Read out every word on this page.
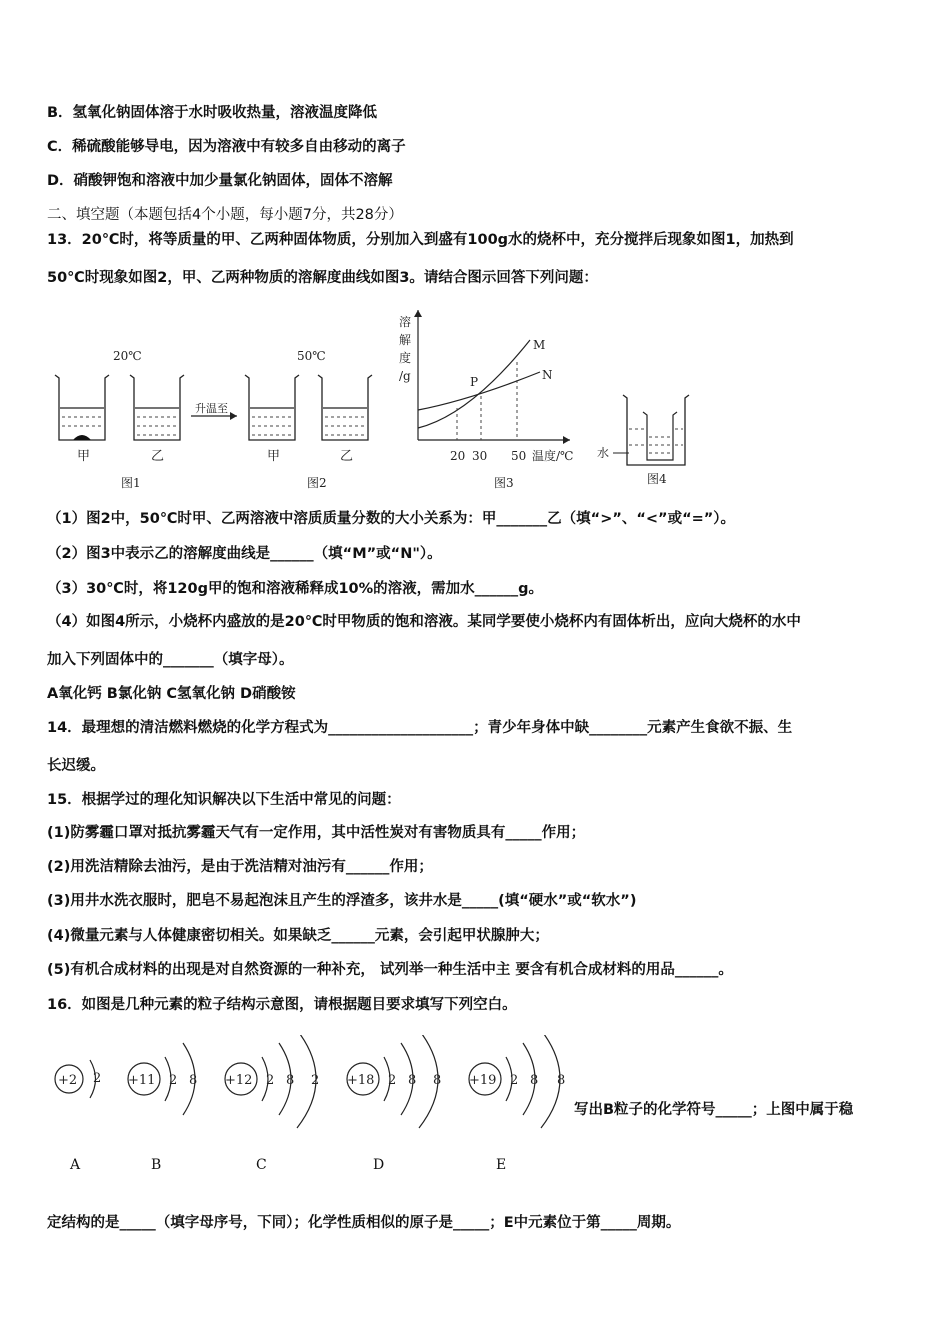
B．氢氧化钠固体溶于水时吸收热量，溶液温度降低
C．稀硫酸能够导电，因为溶液中有较多自由移动的离子
D．硝酸钾饱和溶液中加少量氯化钠固体，固体不溶解
二、填空题（本题包括4个小题，每小题7分，共28分）
13．20℃时，将等质量的甲、乙两种固体物质，分别加入到盛有100g水的烧杯中，充分搅拌后现象如图1，加热到
50℃时现象如图2，甲、乙两种物质的溶解度曲线如图3。请结合图示回答下列问题：
升温至
20℃	50℃
甲	乙	甲	乙
图1	图2
溶
解
度
/g	P
M
N
20 30 50 温度/℃
图3
水
图4
（1）图2中，50℃时甲、乙两溶液中溶质质量分数的大小关系为：甲_______乙（填“>”、“<”或“=”）。
（2）图3中表示乙的溶解度曲线是______（填“M”或“N"）。
（3）30℃时，将120g甲的饱和溶液稀释成10%的溶液，需加水______g。
（4）如图4所示，小烧杯内盛放的是20℃时甲物质的饱和溶液。某同学要使小烧杯内有固体析出，应向大烧杯的水中
加入下列固体中的_______（填字母）。
A氧化钙 B氯化钠 C氢氧化钠 D硝酸铵
14．最理想的清洁燃料燃烧的化学方程式为____________________；青少年身体中缺________元素产生食欲不振、生
长迟缓。
15．根据学过的理化知识解决以下生活中常见的问题：
(1)防雾霾口罩对抵抗雾霾天气有一定作用，其中活性炭对有害物质具有_____作用；
(2)用洗洁精除去油污，是由于洗洁精对油污有______作用；
(3)用井水洗衣服时，肥皂不易起泡沫且产生的浮渣多，该井水是_____(填“硬水”或“软水”)
(4)微量元素与人体健康密切相关。如果缺乏______元素，会引起甲状腺肿大；
(5)有机合成材料的出现是对自然资源的一种补充， 试列举一种生活中主 要含有机合成材料的用品______。
16．如图是几种元素的粒子结构示意图，请根据题目要求填写下列空白。
+2 2 +11 2 8 +12 2 8 2 +18 2 8 8 +19 2 8 8
写出B粒子的化学符号_____；上图中属于稳
A	B	C	D	E
定结构的是_____（填字母序号，下同）；化学性质相似的原子是_____；E中元素位于第_____周期。
